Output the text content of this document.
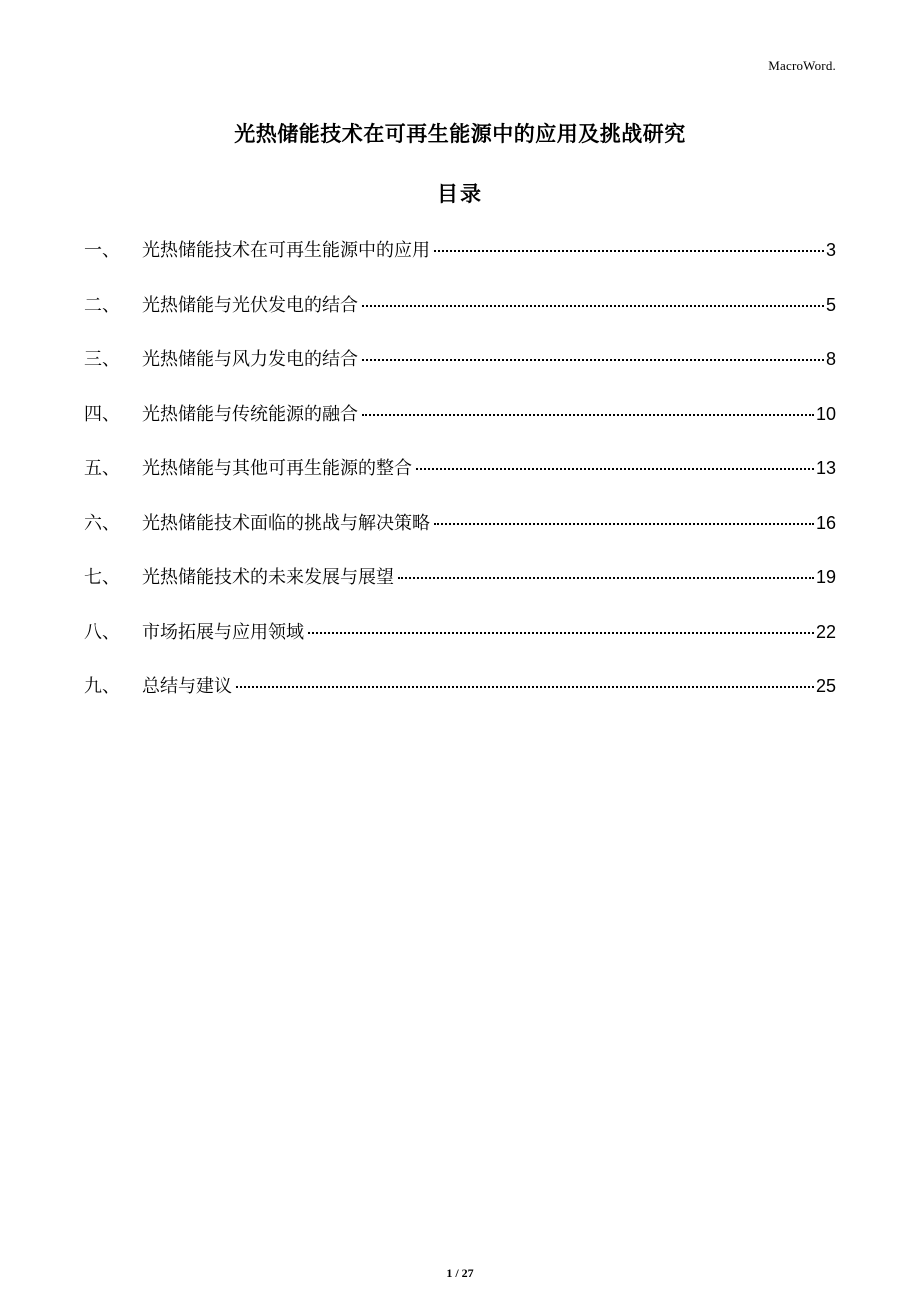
MacroWord.
光热储能技术在可再生能源中的应用及挑战研究
目录
一、	光热储能技术在可再生能源中的应用	3
二、	光热储能与光伏发电的结合	5
三、	光热储能与风力发电的结合	8
四、	光热储能与传统能源的融合	10
五、	光热储能与其他可再生能源的整合	13
六、	光热储能技术面临的挑战与解决策略	16
七、	光热储能技术的未来发展与展望	19
八、	市场拓展与应用领域	22
九、	总结与建议	25
1 / 27
